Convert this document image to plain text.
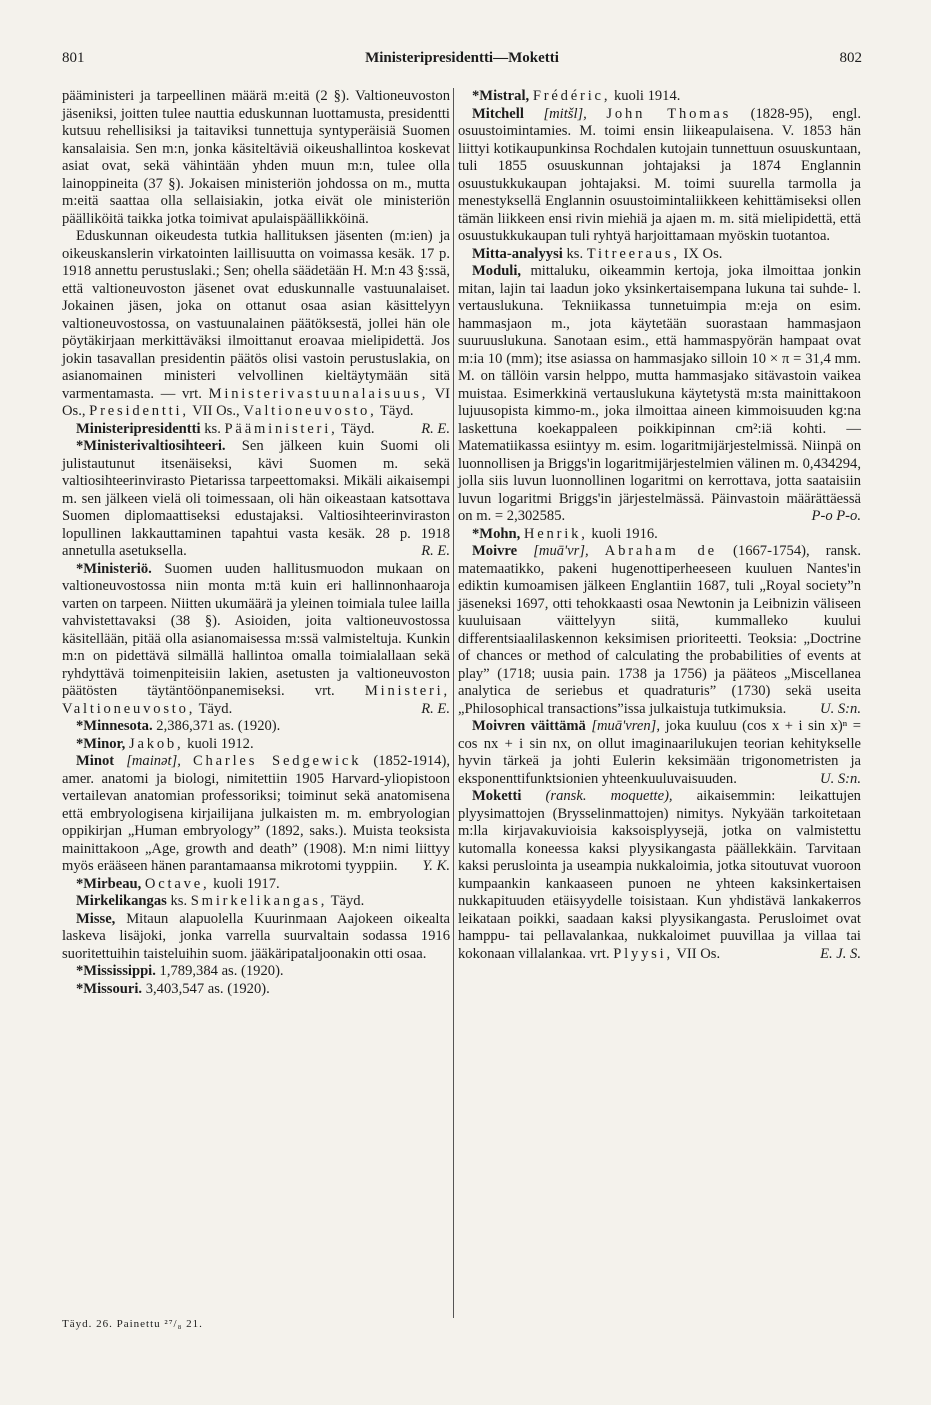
801	Ministeripresidentti—Moketti	802

pääministeri ja tarpeellinen määrä m:eitä (2 §). Valtioneuvoston jäseniksi, joitten tulee nauttia eduskunnan luottamusta, presidentti kutsuu rehellisiksi ja taitaviksi tunnettuja syntyperäisiä Suomen kansalaisia. Sen m:n, jonka käsiteltäviä oikeushallintoa koskevat asiat ovat, sekä vähintään yhden muun m:n, tulee olla lainoppineita (37 §). Jokaisen ministeriön johdossa on m., mutta m:eitä saattaa olla sellaisiakin, jotka eivät ole ministeriön päälliköitä taikka jotka toimivat apulaispäällikköinä.

Eduskunnan oikeudesta tutkia hallituksen jäsenten (m:ien) ja oikeuskanslerin virkatointen laillisuutta on voimassa kesäk. 17 p. 1918 annettu perustuslaki.; Sen; ohella säädetään H. M:n 43 §:ssä, että valtioneuvoston jäsenet ovat eduskunnalle vastuunalaiset. Jokainen jäsen, joka on ottanut osaa asian käsittelyyn valtioneuvostossa, on vastuunalainen päätöksestä, jollei hän ole pöytäkirjaan merkittäväksi ilmoittanut eroavaa mielipidettä. Jos jokin tasavallan presidentin päätös olisi vastoin perustuslakia, on asianomainen ministeri velvollinen kieltäytymään sitä varmentamasta. — vrt. Ministerivastuunalaisuus, VI Os., Presidentti, VII Os., Valtioneuvosto, Täyd.
R. E.

Ministeripresidentti ks. Pääministeri, Täyd.

*Ministerivaltiosihteeri. Sen jälkeen kuin Suomi oli julistautunut itsenäiseksi, kävi Suomen m. sekä valtiosihteerinvirasto Pietarissa tarpeettomaksi. Mikäli aikaisempi m. sen jälkeen vielä oli toimessaan, oli hän oikeastaan katsottava Suomen diplomaattiseksi edustajaksi. Valtiosihteerinviraston lopullinen lakkauttaminen tapahtui vasta kesäk. 28 p. 1918 annetulla asetuksella.	R. E.

*Ministeriö. Suomen uuden hallitusmuodon mukaan on valtioneuvostossa niin monta m:tä kuin eri hallinnonhaaroja varten on tarpeen. Niitten ukumäärä ja yleinen toimiala tulee lailla vahvistettavaksi (38 §). Asioiden, joita valtioneuvostossa käsitellään, pitää olla asianomaisessa m:ssä valmisteltuja. Kunkin m:n on pidettävä silmällä hallintoa omalla toimialallaan sekä ryhdyttävä toimenpiteisiin lakien, asetusten ja valtioneuvoston päätösten täytäntöönpanemiseksi. vrt. Ministeri, Valtioneuvosto, Täyd.	R. E.

*Minnesota. 2,386,371 as. (1920).

*Minor, Jakob, kuoli 1912.

Minot [mainət], Charles Sedgewick (1852-1914), amer. anatomi ja biologi, nimitettiin 1905 Harvard-yliopistoon vertailevan anatomian professoriksi; toiminut sekä anatomisena että embryologisena kirjailijana julkaisten m. m. embryologian oppikirjan „Human embryology” (1892, saks.). Muista teoksista mainittakoon „Age, growth and death” (1908). M:n nimi liittyy myös erääseen hänen parantamaansa mikrotomi tyyppiin.	Y. K.

*Mirbeau, Octave, kuoli 1917.

Mirkelikangas ks. Smirkelikangas, Täyd.

Misse, Mitaun alapuolella Kuurinmaan Aajokeen oikealta laskeva lisäjoki, jonka varrella suurvaltain sodassa 1916 suoritettuihin taisteluihin suom. jääkäripataljoonakin otti osaa.

*Mississippi. 1,789,384 as. (1920).

*Missouri. 3,403,547 as. (1920).

*Mistral, Frédéric, kuoli 1914.

Mitchell [mitšl], John Thomas (1828-95), engl. osuustoimintamies. M. toimi ensin liikeapulaisena. V. 1853 hän liittyi kotikaupunkinsa Rochdalen kutojain tunnettuun osuuskuntaan, tuli 1855 osuuskunnan johtajaksi ja 1874 Englannin osuustukkukaupan johtajaksi. M. toimi suurella tarmolla ja menestyksellä Englannin osuustoimintaliikkeen kehittämiseksi ollen tämän liikkeen ensi rivin miehiä ja ajaen m. m. sitä mielipidettä, että osuustukkukaupan tuli ryhtyä harjoittamaan myöskin tuotantoa.

Mitta-analyysi ks. Titreeraus, IX Os.

Moduli, mittaluku, oikeammin kertoja, joka ilmoittaa jonkin mitan, lajin tai laadun joko yksinkertaisempana lukuna tai suhde- l. vertauslukuna. Tekniikassa tunnetuimpia m:eja on esim. hammasjaon m., jota käytetään suorastaan hammasjaon suuruuslukuna. Sanotaan esim., että hammaspyörän hampaat ovat m:ia 10 (mm); itse asiassa on hammasjako silloin 10 × π = 31,4 mm. M. on tällöin varsin helppo, mutta hammasjako sitävastoin vaikea muistaa. Esimerkkinä vertauslukuna käytetystä m:sta mainittakoon lujuusopista kimmo-m., joka ilmoittaa aineen kimmoisuuden kg:na laskettuna koekappaleen poikkipinnan cm²:iä kohti. — Matematiikassa esiintyy m. esim. logaritmijärjestelmissä. Niinpä on luonnollisen ja Briggs'in logaritmijärjestelmien välinen m. 0,434294, jolla siis luvun luonnollinen logaritmi on kerrottava, jotta saataisiin luvun logaritmi Briggs'in järjestelmässä. Päinvastoin määrättäessä on m. = 2,302585.	P-o P-o.

*Mohn, Henrik, kuoli 1916.

Moivre [muā'vr], Abraham de (1667-1754), ransk. matemaatikko, pakeni hugenottiperheeseen kuuluen Nantes'in ediktin kumoamisen jälkeen Englantiin 1687, tuli „Royal society”n jäseneksi 1697, otti tehokkaasti osaa Newtonin ja Leibnizin väliseen kuuluisaan väittelyyn siitä, kummalleko kuului differentsiaalilaskennon keksimisen prioriteetti. Teoksia: „Doctrine of chances or method of calculating the probabilities of events at play” (1718; uusia pain. 1738 ja 1756) ja pääteos „Miscellanea analytica de seriebus et quadraturis” (1730) sekä useita „Philosophical transactions”issa julkaistuja tutkimuksia.	U. S:n.

Moivren väittämä [muā'vren], joka kuuluu (cos x + i sin x)ⁿ = cos nx + i sin nx, on ollut imaginaarilukujen teorian kehitykselle hyvin tärkeä ja johti Eulerin keksimään trigonometristen ja eksponenttifunktsionien yhteenkuuluvaisuuden.	U. S:n.

Moketti (ransk. moquette), aikaisemmin: leikattujen plyysimattojen (Brysselinmattojen) nimitys. Nykyään tarkoitetaan m:lla kirjavakuvioisia kaksoisplyysejä, jotka on valmistettu kutomalla koneessa kaksi plyysikangasta päällekkäin. Tarvitaan kaksi peruslointa ja useampia nukkaloimia, jotka sitoutuvat vuoroon kumpaankin kankaaseen punoen ne yhteen kaksinkertaisen nukkapituuden etäisyydelle toisistaan. Kun yhdistävä lankakerros leikataan poikki, saadaan kaksi plyysikangasta. Perusloimet ovat hamppu- tai pellavalankaa, nukkaloimet puuvillaa ja villaa tai kokonaan villalankaa. vrt. Plyysi, VII Os.	E. J. S.

Täyd. 26. Painettu ²⁷/₈ 21.
